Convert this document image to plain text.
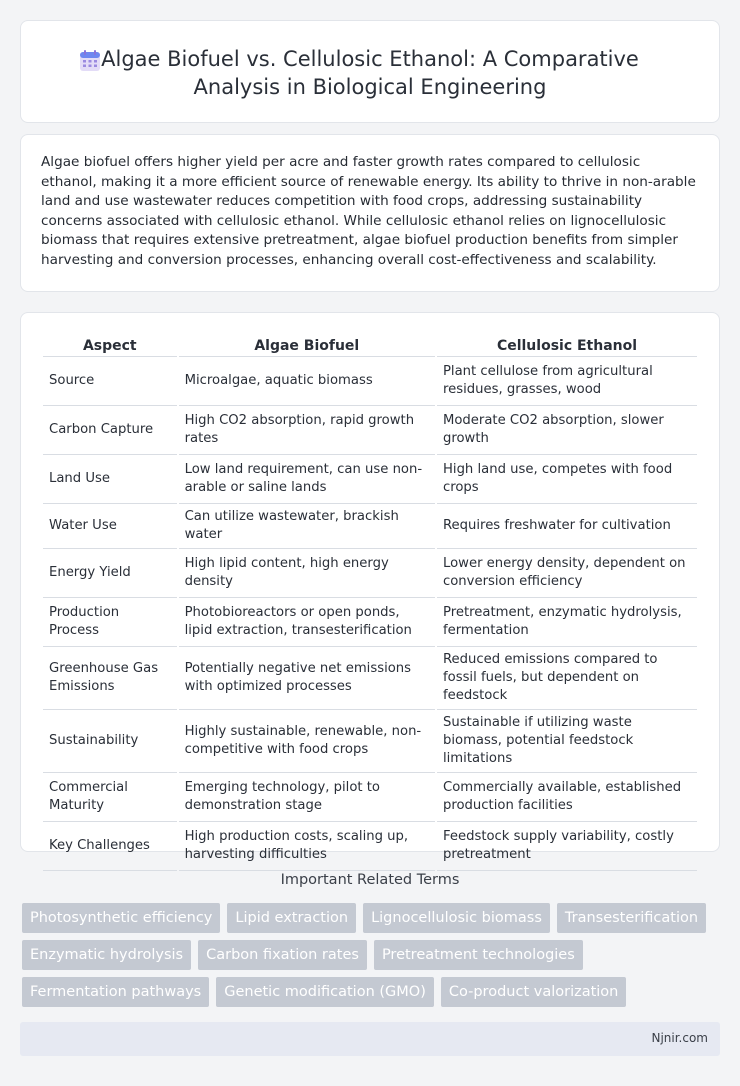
Algae Biofuel vs. Cellulosic Ethanol: A Comparative Analysis in Biological Engineering

Algae biofuel offers higher yield per acre and faster growth rates compared to cellulosic ethanol, making it a more efficient source of renewable energy. Its ability to thrive in non-arable land and use wastewater reduces competition with food crops, addressing sustainability concerns associated with cellulosic ethanol. While cellulosic ethanol relies on lignocellulosic biomass that requires extensive pretreatment, algae biofuel production benefits from simpler harvesting and conversion processes, enhancing overall cost-effectiveness and scalability.

Aspect	Algae Biofuel	Cellulosic Ethanol
Source	Microalgae, aquatic biomass	Plant cellulose from agricultural residues, grasses, wood
Carbon Capture	High CO2 absorption, rapid growth rates	Moderate CO2 absorption, slower growth
Land Use	Low land requirement, can use non-arable or saline lands	High land use, competes with food crops
Water Use	Can utilize wastewater, brackish water	Requires freshwater for cultivation
Energy Yield	High lipid content, high energy density	Lower energy density, dependent on conversion efficiency
Production Process	Photobioreactors or open ponds, lipid extraction, transesterification	Pretreatment, enzymatic hydrolysis, fermentation
Greenhouse Gas Emissions	Potentially negative net emissions with optimized processes	Reduced emissions compared to fossil fuels, but dependent on feedstock
Sustainability	Highly sustainable, renewable, non-competitive with food crops	Sustainable if utilizing waste biomass, potential feedstock limitations
Commercial Maturity	Emerging technology, pilot to demonstration stage	Commercially available, established production facilities
Key Challenges	High production costs, scaling up, harvesting difficulties	Feedstock supply variability, costly pretreatment
Important Related Terms
Photosynthetic efficiency	Lipid extraction	Lignocellulosic biomass	Transesterification
Enzymatic hydrolysis	Carbon fixation rates	Pretreatment technologies
Fermentation pathways	Genetic modification (GMO)	Co-product valorization
Njnir.com
